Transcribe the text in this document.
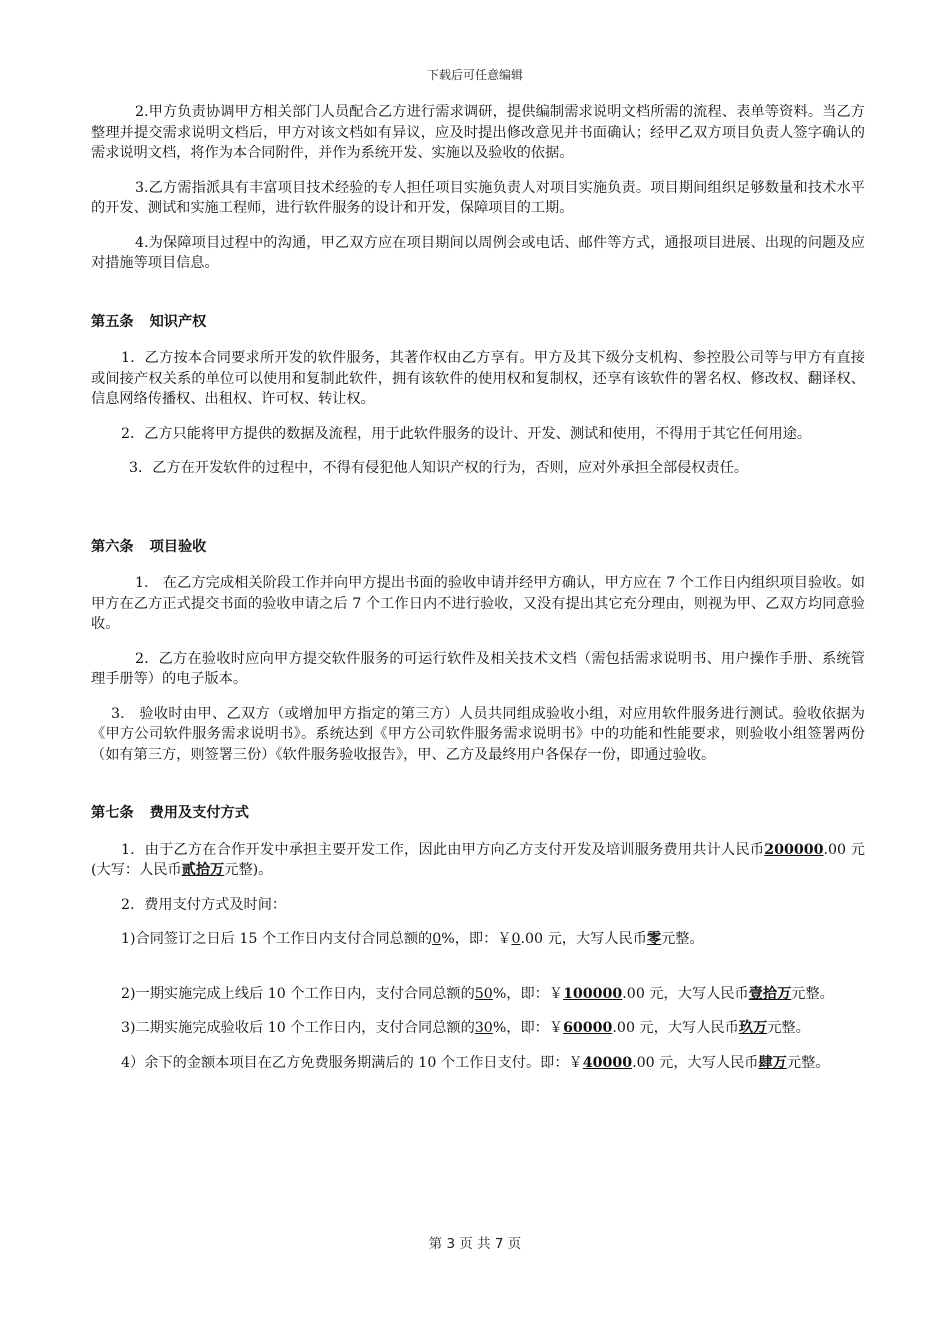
下载后可任意编辑

2.甲方负责协调甲方相关部门人员配合乙方进行需求调研，提供编制需求说明文档所需的流程、表单等资料。当乙方整理并提交需求说明文档后，甲方对该文档如有异议，应及时提出修改意见并书面确认；经甲乙双方项目负责人签字确认的需求说明文档，将作为本合同附件，并作为系统开发、实施以及验收的依据。

3.乙方需指派具有丰富项目技术经验的专人担任项目实施负责人对项目实施负责。项目期间组织足够数量和技术水平的开发、测试和实施工程师，进行软件服务的设计和开发，保障项目的工期。

4.为保障项目过程中的沟通，甲乙双方应在项目期间以周例会或电话、邮件等方式，通报项目进展、出现的问题及应对措施等项目信息。

第五条 知识产权

1．乙方按本合同要求所开发的软件服务，其著作权由乙方享有。甲方及其下级分支机构、参控股公司等与甲方有直接或间接产权关系的单位可以使用和复制此软件，拥有该软件的使用权和复制权，还享有该软件的署名权、修改权、翻译权、信息网络传播权、出租权、许可权、转让权。

2．乙方只能将甲方提供的数据及流程，用于此软件服务的设计、开发、测试和使用，不得用于其它任何用途。

3．乙方在开发软件的过程中，不得有侵犯他人知识产权的行为，否则，应对外承担全部侵权责任。

第六条 项目验收

1.　在乙方完成相关阶段工作并向甲方提出书面的验收申请并经甲方确认，甲方应在 7 个工作日内组织项目验收。如甲方在乙方正式提交书面的验收申请之后 7 个工作日内不进行验收，又没有提出其它充分理由，则视为甲、乙双方均同意验收。

2．乙方在验收时应向甲方提交软件服务的可运行软件及相关技术文档（需包括需求说明书、用户操作手册、系统管理手册等）的电子版本。

3.　验收时由甲、乙双方（或增加甲方指定的第三方）人员共同组成验收小组，对应用软件服务进行测试。验收依据为《甲方公司软件服务需求说明书》。系统达到《甲方公司软件服务需求说明书》中的功能和性能要求，则验收小组签署两份（如有第三方，则签署三份）《软件服务验收报告》，甲、乙方及最终用户各保存一份，即通过验收。

第七条 费用及支付方式

1．由于乙方在合作开发中承担主要开发工作，因此由甲方向乙方支付开发及培训服务费用共计人民币200000.00 元(大写：人民币贰拾万元整)。

2．费用支付方式及时间：

1)合同签订之日后 15 个工作日内支付合同总额的0%，即：￥0.00 元，大写人民币零元整。

2)一期实施完成上线后 10 个工作日内，支付合同总额的50%，即：￥100000.00 元，大写人民币壹拾万元整。

3)二期实施完成验收后 10 个工作日内，支付合同总额的30%，即：￥60000.00 元，大写人民币玖万元整。

4）余下的金额本项目在乙方免费服务期满后的 10 个工作日支付。即：￥40000.00 元，大写人民币肆万元整。

第 3 页 共 7 页
